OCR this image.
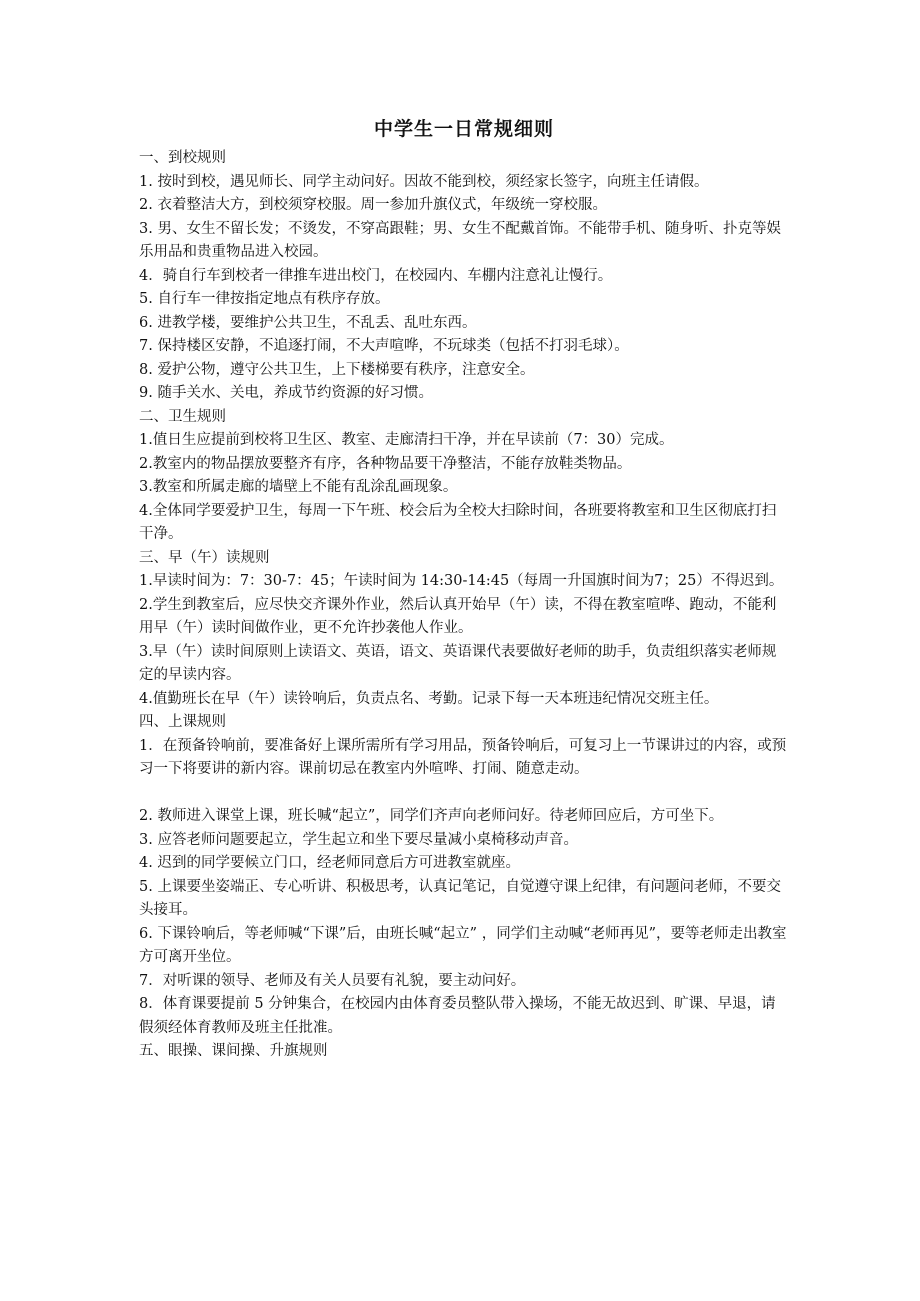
中学生一日常规细则

一、到校规则

1. 按时到校，遇见师长、同学主动问好。因故不能到校，须经家长签字，向班主任请假。

2. 衣着整洁大方，到校须穿校服。周一参加升旗仪式，年级统一穿校服。

3. 男、女生不留长发；不烫发，不穿高跟鞋；男、女生不配戴首饰。不能带手机、随身听、扑克等娱乐用品和贵重物品进入校园。

4．骑自行车到校者一律推车进出校门，在校园内、车棚内注意礼让慢行。

5. 自行车一律按指定地点有秩序存放。

6. 进教学楼，要维护公共卫生，不乱丢、乱吐东西。

7. 保持楼区安静，不追逐打闹，不大声喧哗，不玩球类（包括不打羽毛球）。

8. 爱护公物，遵守公共卫生，上下楼梯要有秩序，注意安全。

9. 随手关水、关电，养成节约资源的好习惯。

二、卫生规则

1.值日生应提前到校将卫生区、教室、走廊清扫干净，并在早读前（7：30）完成。

2.教室内的物品摆放要整齐有序，各种物品要干净整洁，不能存放鞋类物品。

3.教室和所属走廊的墙壁上不能有乱涂乱画现象。

4.全体同学要爱护卫生，每周一下午班、校会后为全校大扫除时间，各班要将教室和卫生区彻底打扫干净。

三、早（午）读规则

1.早读时间为：7：30-7：45；午读时间为 14:30-14:45（每周一升国旗时间为7；25）不得迟到。

2.学生到教室后，应尽快交齐课外作业，然后认真开始早（午）读，不得在教室喧哗、跑动，不能利用早（午）读时间做作业，更不允许抄袭他人作业。

3.早（午）读时间原则上读语文、英语，语文、英语课代表要做好老师的助手，负责组织落实老师规定的早读内容。

4.值勤班长在早（午）读铃响后，负责点名、考勤。记录下每一天本班违纪情况交班主任。

四、上课规则

1．在预备铃响前，要准备好上课所需所有学习用品，预备铃响后，可复习上一节课讲过的内容，或预习一下将要讲的新内容。课前切忌在教室内外喧哗、打闹、随意走动。

2. 教师进入课堂上课，班长喊“起立”，同学们齐声向老师问好。待老师回应后，方可坐下。

3. 应答老师问题要起立，学生起立和坐下要尽量减小桌椅移动声音。

4. 迟到的同学要候立门口，经老师同意后方可进教室就座。

5. 上课要坐姿端正、专心听讲、积极思考，认真记笔记，自觉遵守课上纪律，有问题问老师，不要交头接耳。

6. 下课铃响后，等老师喊“下课”后，由班长喊“起立” ，同学们主动喊“老师再见”，要等老师走出教室方可离开坐位。

7．对听课的领导、老师及有关人员要有礼貌，要主动问好。

8．体育课要提前 5 分钟集合，在校园内由体育委员整队带入操场，不能无故迟到、旷课、早退，请假须经体育教师及班主任批准。

五、眼操、课间操、升旗规则
